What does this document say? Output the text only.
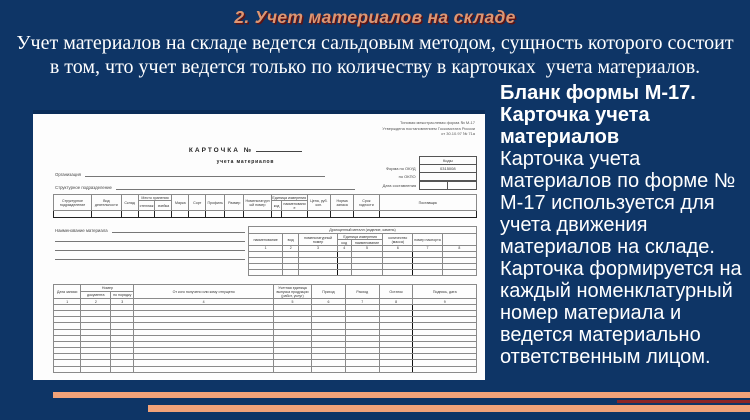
2. Учет материалов на складе
Учет материалов на складе ведется сальдовым методом, сущность которого состоит
в том, что учет ведется только по количеству в карточках  учета материалов.
Типовая межотраслевая форма № М-17
Утверждена постановлением Госкомстата России
от 30.10.97 № 71а
КАРТОЧКА №
учета материалов
		Коды
Форма по ОКУД	0315008
по ОКПО	
Дата составления	

Организация
Структурное подразделение
Структурное подразделение	Вид деятельности	Склад	Место хранения		Марка	Сорт	Профиль	Размер	Номенклатурный номер	Единица измерения		Цена, руб. коп.	Норма запаса	Срок годности	Поставщик
			стеллаж	ячейка						код	наименование				

Наименование материала	Драгоценный металл (изделие, камень)							
наименование	вид	номенклатурный номер	Единица измерения		количество (масса)	номер паспорта	
			код	наименование			
1	2	3	4	5	6	7	8

Дата записи	Номер		От кого получено или кому отпущено	Учетная единица выпуска продукции (работ, услуг)	Приход	Расход	Остаток	Подпись, дата
	документа	по порядку						
1	2	3	4	5	6	7	8	9

Бланк формы М-17.
Карточка учета материалов
Карточка учета материалов по форме № М-17 используется для учета движения материалов на складе. Карточка формируется на каждый номенклатурный номер материала и ведется материально ответственным лицом.
